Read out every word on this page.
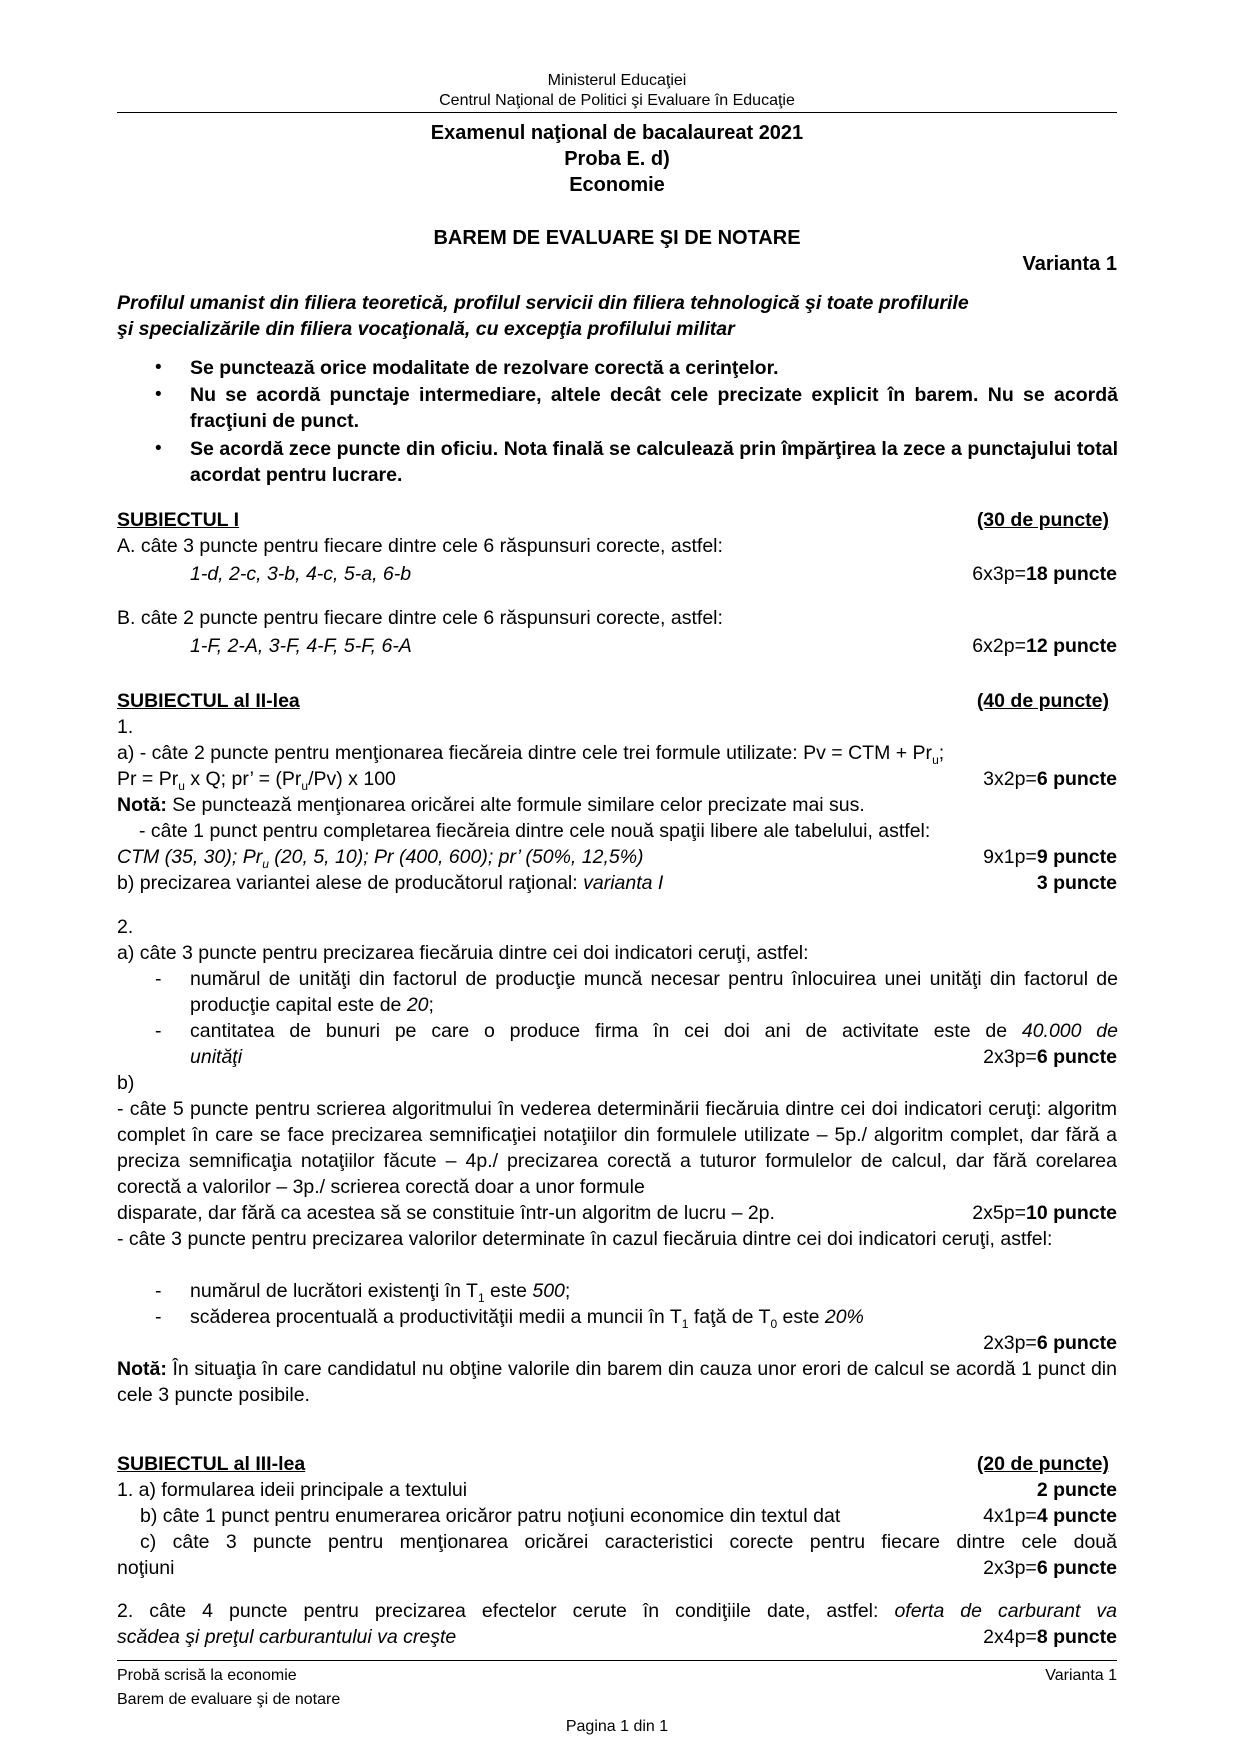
Ministerul Educaţiei
Centrul Naţional de Politici şi Evaluare în Educaţie
Examenul naţional de bacalaureat 2021
Proba E. d)
Economie
BAREM DE EVALUARE ŞI DE NOTARE
Varianta 1
Profilul umanist din filiera teoretică, profilul servicii din filiera tehnologică şi toate profilurile
şi specializările din filiera vocaţională, cu excepţia profilului militar
• Se punctează orice modalitate de rezolvare corectă a cerinţelor.
• Nu se acordă punctaje intermediare, altele decât cele precizate explicit în barem. Nu se acordă fracţiuni de punct.
• Se acordă zece puncte din oficiu. Nota finală se calculează prin împărţirea la zece a punctajului total acordat pentru lucrare.
SUBIECTUL I	(30 de puncte)
A. câte 3 puncte pentru fiecare dintre cele 6 răspunsuri corecte, astfel:
1-d, 2-c, 3-b, 4-c, 5-a, 6-b	6x3p=18 puncte
B. câte 2 puncte pentru fiecare dintre cele 6 răspunsuri corecte, astfel:
1-F, 2-A, 3-F, 4-F, 5-F, 6-A	6x2p=12 puncte
SUBIECTUL al II-lea	(40 de puncte)
1.
a) - câte 2 puncte pentru menţionarea fiecăreia dintre cele trei formule utilizate: Pv = CTM + $Pr_u$;
$Pr = Pr_u$ x Q; pr’ = $(Pr_u/Pv)$ x 100	3x2p=6 puncte
Notă: Se punctează menţionarea oricărei alte formule similare celor precizate mai sus.
- câte 1 punct pentru completarea fiecăreia dintre cele nouă spaţii libere ale tabelului, astfel:
CTM (35, 30); $Pr_u$ (20, 5, 10); Pr (400, 600); pr’ (50%, 12,5%)	9x1p=9 puncte
b) precizarea variantei alese de producătorul raţional: varianta I	3 puncte
2.
a) câte 3 puncte pentru precizarea fiecăruia dintre cei doi indicatori ceruţi, astfel:
- numărul de unităţi din factorul de producţie muncă necesar pentru înlocuirea unei unităţi din factorul de producţie capital este de 20;
- cantitatea de bunuri pe care o produce firma în cei doi ani de activitate este de 40.000 de
unităţi	2x3p=6 puncte
b)
- câte 5 puncte pentru scrierea algoritmului în vederea determinării fiecăruia dintre cei doi indicatori ceruţi: algoritm complet în care se face precizarea semnificaţiei notaţiilor din formulele utilizate – 5p./ algoritm complet, dar fără a preciza semnificaţia notaţiilor făcute – 4p./ precizarea corectă a tuturor formulelor de calcul, dar fără corelarea corectă a valorilor – 3p./ scrierea corectă doar a unor formule
disparate, dar fără ca acestea să se constituie într-un algoritm de lucru – 2p.	2x5p=10 puncte
- câte 3 puncte pentru precizarea valorilor determinate în cazul fiecăruia dintre cei doi indicatori ceruţi, astfel:
- numărul de lucrători existenţi în $T_1$ este 500;
- scăderea procentuală a productivităţii medii a muncii în $T_1$ faţă de $T_0$ este 20%
2x3p=6 puncte
Notă: În situaţia în care candidatul nu obţine valorile din barem din cauza unor erori de calcul se acordă 1 punct din cele 3 puncte posibile.
SUBIECTUL al III-lea	(20 de puncte)
1. a) formularea ideii principale a textului	2 puncte
b) câte 1 punct pentru enumerarea oricăror patru noţiuni economice din textul dat	4x1p=4 puncte
c) câte 3 puncte pentru menţionarea oricărei caracteristici corecte pentru fiecare dintre cele două
noţiuni	2x3p=6 puncte
2. câte 4 puncte pentru precizarea efectelor cerute în condiţiile date, astfel: oferta de carburant va
scădea şi preţul carburantului va creşte	2x4p=8 puncte
Probă scrisă la economie	Varianta 1
Barem de evaluare şi de notare
Pagina 1 din 1
